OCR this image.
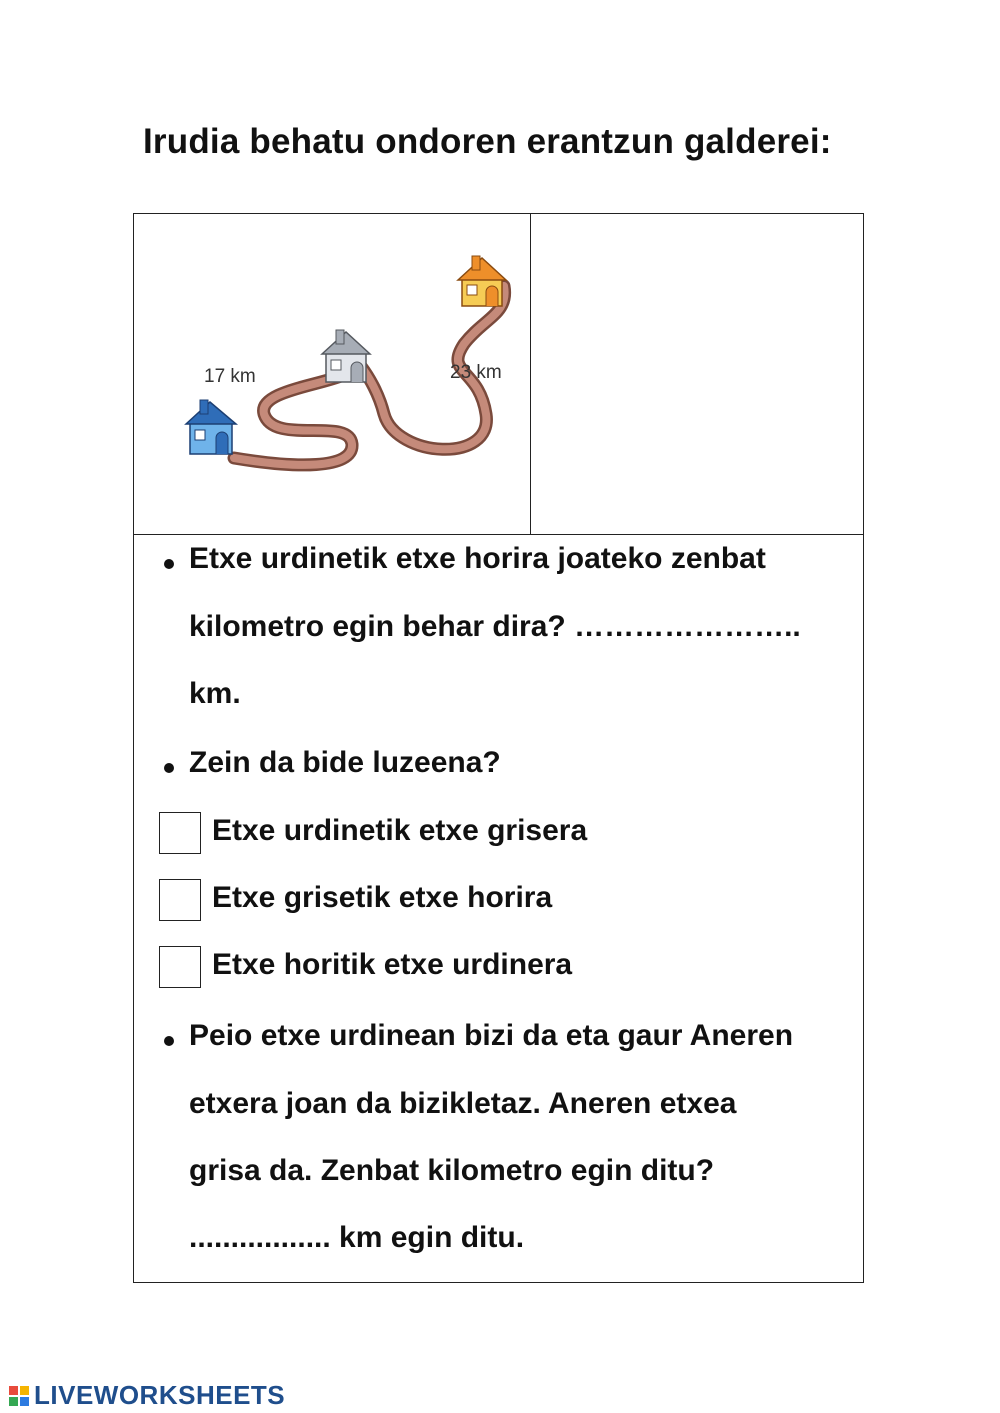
Irudia behatu ondoren erantzun galderei:
17 km	23 km
Etxe urdinetik etxe horira joateko zenbat
kilometro egin behar dira? …………………..
km.
Zein da bide luzeena?
Etxe urdinetik etxe grisera
Etxe grisetik etxe horira
Etxe horitik etxe urdinera
Peio etxe urdinean bizi da eta gaur Aneren
etxera joan da bizikletaz. Aneren etxea
grisa da. Zenbat kilometro egin ditu?
................. km egin ditu.
LIVEWORKSHEETS
